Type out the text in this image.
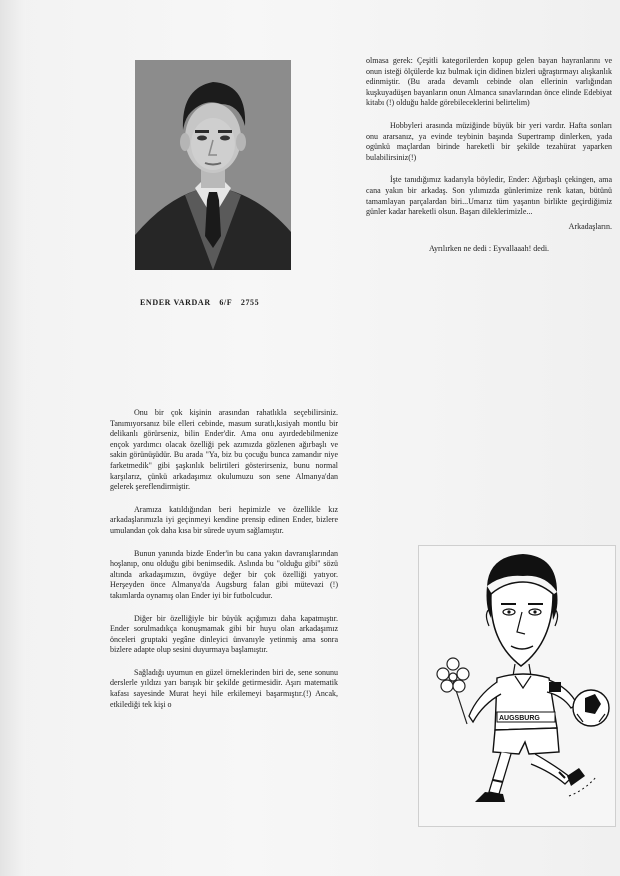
ENDER VARDAR 6/F 2755

olmasa gerek: Çeşitli kategorilerden kopup gelen bayan hayranlarını ve onun isteği ölçülerde kız bulmak için didinen bizleri uğraştırmayı alışkanlık edinmiştir. (Bu arada devamlı cebinde olan ellerinin varlığından kuşkuyadüşen bayanların onun Almanca sınavlarından önce elinde Edebiyat kitabı (!) olduğu halde görebileceklerini belirtelim)

Hobbyleri arasında müziğinde büyük bir yeri vardır. Hafta sonları onu ararsanız, ya evinde teybinin başında Supertramp dinlerken, yada ogünkü maçlardan birinde hareketli bir şekilde tezahürat yaparken bulabilirsiniz(!)

İşte tanıdığımız kadarıyla böyledir, Ender: Ağırbaşlı çekingen, ama cana yakın bir arkadaş. Son yılımızda günlerimize renk katan, bütünü tamamlayan parçalardan biri...Umarız tüm yaşantın birlikte geçirdiğimiz günler kadar hareketli olsun. Başarı dileklerimizle...

Arkadaşların.

Ayrılırken ne dedi : Eyvallaaah! dedi.

Onu bir çok kişinin arasından rahatlıkla seçebilirsiniz. Tanımıyorsanız bile elleri cebinde, masum suratlı,kısiyah montlu bir delikanlı görürseniz, bilin Ender'dir. Ama onu ayırdedebilmenize ençok yardımcı olacak özelliği pek azımızda gözlenen ağırbaşlı ve sakin görünüşüdür. Bu arada "Ya, biz bu çocuğu bunca zamandır niye farketmedik" gibi şaşkınlık belirtileri gösterirseniz, bunu normal karşılarız, çünkü arkadaşımız okulumuzu son sene Almanya'dan gelerek şereflendirmiştir.

Aramıza katıldığından beri hepimizle ve özellikle kız arkadaşlarımızla iyi geçinmeyi kendine prensip edinen Ender, bizlere umulandan çok daha kısa bir sürede uyum sağlamıştır.

Bunun yanında bizde Ender'in bu cana yakın davranışlarından hoşlanıp, onu olduğu gibi benimsedik. Aslında bu "olduğu gibi" sözü altında arkadaşımızın, övgüye değer bir çok özelliği yatıyor. Herşeyden önce Almanya'da Augsburg falan gibi mütevazi (!) takımlarda oynamış olan Ender iyi bir futbolcudur.

Diğer bir özelliğiyle bir büyük açığımızı daha kapatmıştır. Ender sorulmadıkça konuşmamak gibi bir huyu olan arkadaşımız önceleri gruptaki yegâne dinleyici ünvanıyle yetinmiş ama sonra bizlere adapte olup sesini duyurmaya başlamıştır.

Sağladığı uyumun en güzel örneklerinden biri de, sene sonunu derslerle yıldızı yarı barışık bir şekilde getirmesidir. Aşırı matematik kafası sayesinde Murat heyi hile erkilemeyi başarmıştır.(!) Ancak, etkilediği tek kişi o

AUGSBURG
